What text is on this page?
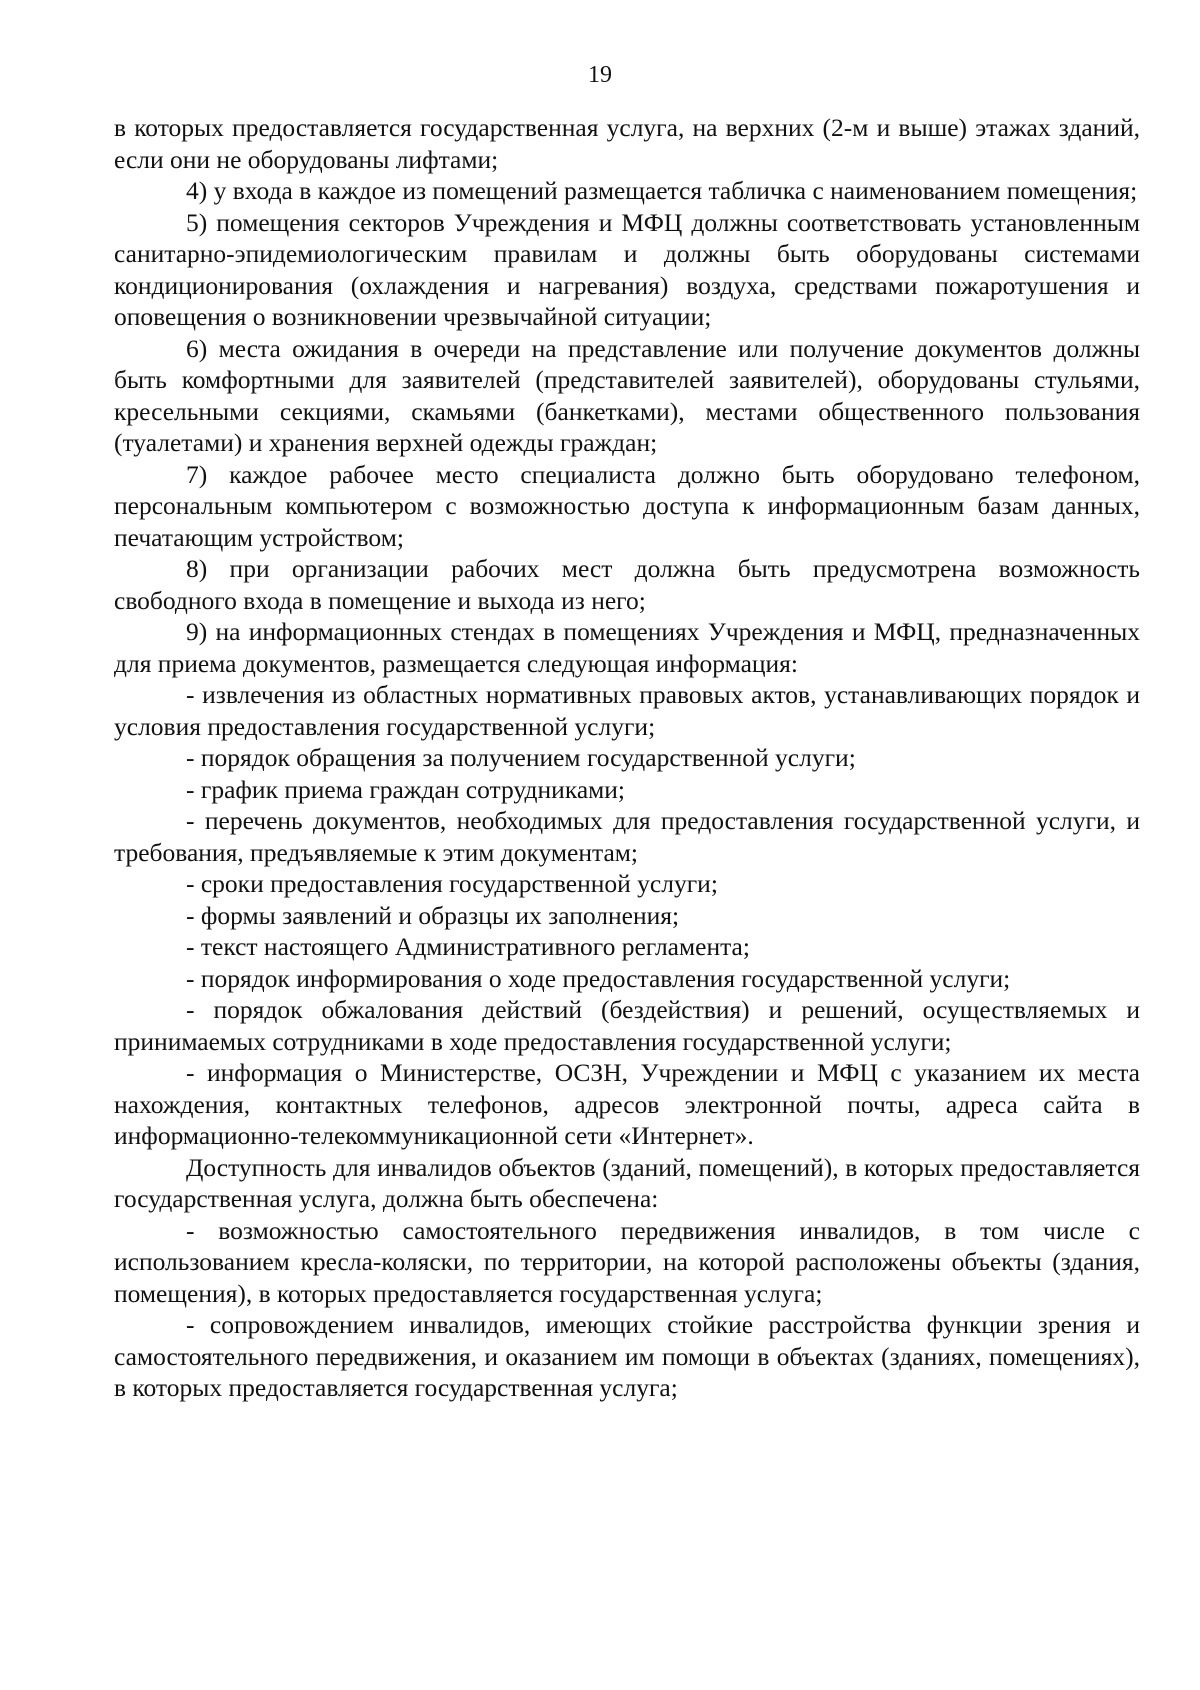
19

в которых предоставляется государственная услуга, на верхних (2-м и выше) этажах зданий, если они не оборудованы лифтами;

4) у входа в каждое из помещений размещается табличка с наименованием помещения;

5) помещения секторов Учреждения и МФЦ должны соответствовать установленным санитарно-эпидемиологическим правилам и должны быть оборудованы системами кондиционирования (охлаждения и нагревания) воздуха, средствами пожаротушения и оповещения о возникновении чрезвычайной ситуации;

6) места ожидания в очереди на представление или получение документов должны быть комфортными для заявителей (представителей заявителей), оборудованы стульями, кресельными секциями, скамьями (банкетками), местами общественного пользования (туалетами) и хранения верхней одежды граждан;

7) каждое рабочее место специалиста должно быть оборудовано телефоном, персональным компьютером с возможностью доступа к информационным базам данных, печатающим устройством;

8) при организации рабочих мест должна быть предусмотрена возможность свободного входа в помещение и выхода из него;

9) на информационных стендах в помещениях Учреждения и МФЦ, предназначенных для приема документов, размещается следующая информация:

- извлечения из областных нормативных правовых актов, устанавливающих порядок и условия предоставления государственной услуги;

- порядок обращения за получением государственной услуги;

- график приема граждан сотрудниками;

- перечень документов, необходимых для предоставления государственной услуги, и требования, предъявляемые к этим документам;

- сроки предоставления государственной услуги;

- формы заявлений и образцы их заполнения;

- текст настоящего Административного регламента;

- порядок информирования о ходе предоставления государственной услуги;

- порядок обжалования действий (бездействия) и решений, осуществляемых и принимаемых сотрудниками в ходе предоставления государственной услуги;

- информация о Министерстве, ОСЗН, Учреждении и МФЦ с указанием их места нахождения, контактных телефонов, адресов электронной почты, адреса сайта в информационно-телекоммуникационной сети «Интернет».

Доступность для инвалидов объектов (зданий, помещений), в которых предоставляется государственная услуга, должна быть обеспечена:

- возможностью самостоятельного передвижения инвалидов, в том числе с использованием кресла-коляски, по территории, на которой расположены объекты (здания, помещения), в которых предоставляется государственная услуга;

- сопровождением инвалидов, имеющих стойкие расстройства функции зрения и самостоятельного передвижения, и оказанием им помощи в объектах (зданиях, помещениях), в которых предоставляется государственная услуга;
